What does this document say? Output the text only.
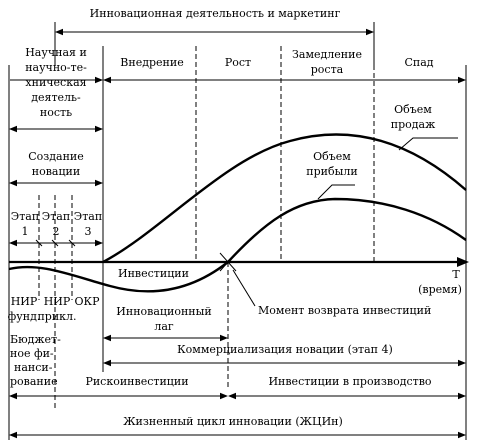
Инновационная деятельность и маркетинг
Научная и
научно-те-
хническая
деятель-
ность
Внедрение	Рост
Замедление
роста
Спад
Создание
новации
Этап
1
Этап
2
Этап
3
Объем
продаж
Объем
прибыли
Т
(время)
Инвестиции
НИР
фунд.
НИР
прикл.
ОКР
Бюджет-
ное фи-
нанси-
рование
Инновационный
лаг
Момент возврата инвестиций
Коммерциализация новации (этап 4)
Рискоинвестиции	Инвестиции в производство
Жизненный цикл инновации (ЖЦИн)
